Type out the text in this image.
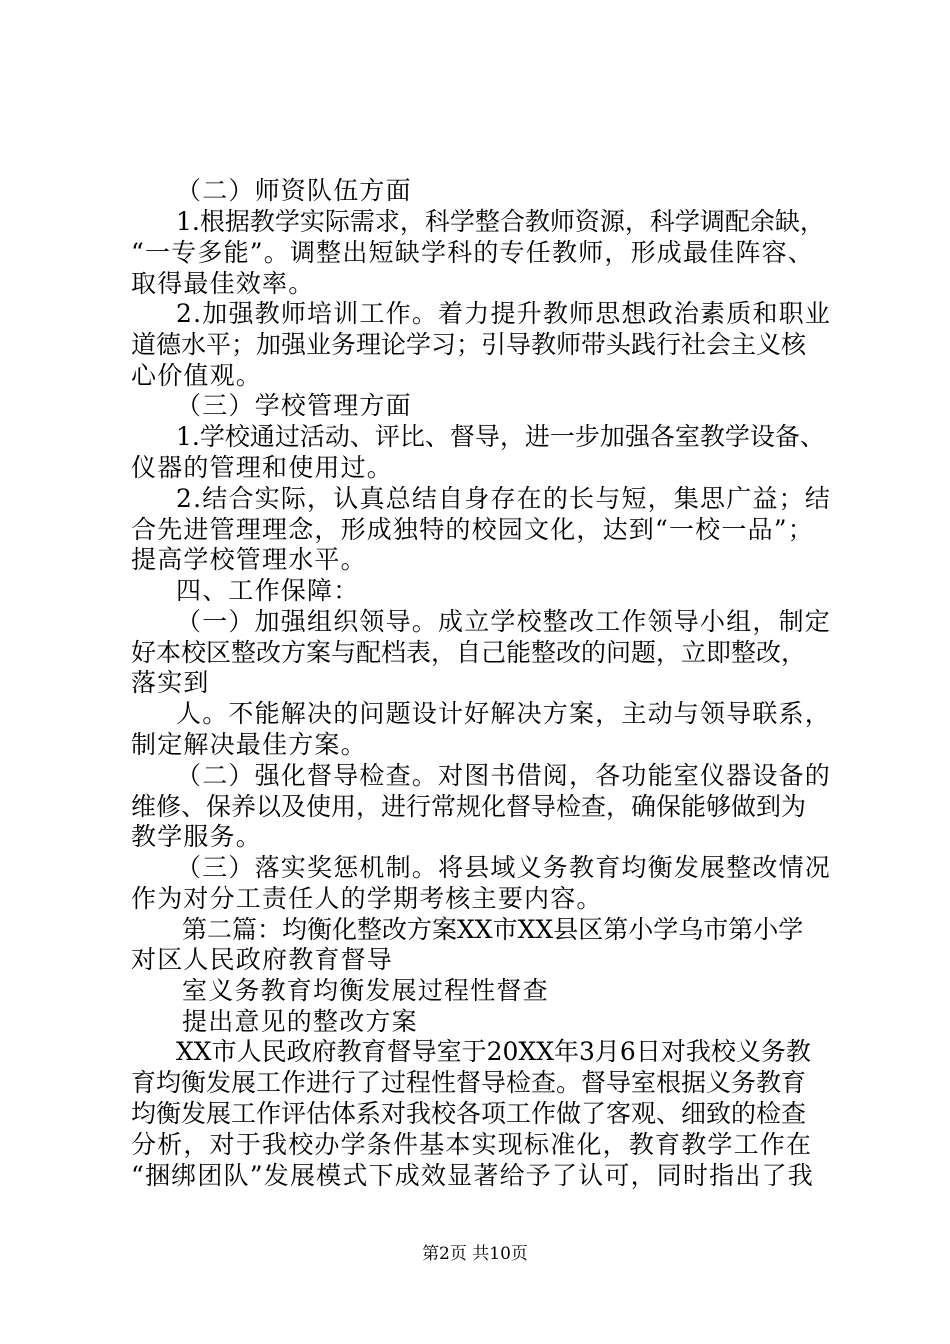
（二）师资队伍方面
1.根据教学实际需求，科学整合教师资源，科学调配余缺，
“一专多能”。调整出短缺学科的专任教师，形成最佳阵容、
取得最佳效率。
2.加强教师培训工作。着力提升教师思想政治素质和职业
道德水平；加强业务理论学习；引导教师带头践行社会主义核
心价值观。
（三）学校管理方面
1.学校通过活动、评比、督导，进一步加强各室教学设备、
仪器的管理和使用过。
2.结合实际，认真总结自身存在的长与短，集思广益；结
合先进管理理念，形成独特的校园文化，达到“一校一品”；
提高学校管理水平。
四、工作保障：
（一）加强组织领导。成立学校整改工作领导小组，制定
好本校区整改方案与配档表，自己能整改的问题，立即整改，
落实到
人。不能解决的问题设计好解决方案，主动与领导联系，
制定解决最佳方案。
（二）强化督导检查。对图书借阅，各功能室仪器设备的
维修、保养以及使用，进行常规化督导检查，确保能够做到为
教学服务。
（三）落实奖惩机制。将县域义务教育均衡发展整改情况
作为对分工责任人的学期考核主要内容。
第二篇：均衡化整改方案XX市XX县区第小学乌市第小学
对区人民政府教育督导
室义务教育均衡发展过程性督查
提出意见的整改方案
XX市人民政府教育督导室于20XX年3月6日对我校义务教
育均衡发展工作进行了过程性督导检查。督导室根据义务教育
均衡发展工作评估体系对我校各项工作做了客观、细致的检查
分析，对于我校办学条件基本实现标准化，教育教学工作在
“捆绑团队”发展模式下成效显著给予了认可，同时指出了我
第2页 共10页
